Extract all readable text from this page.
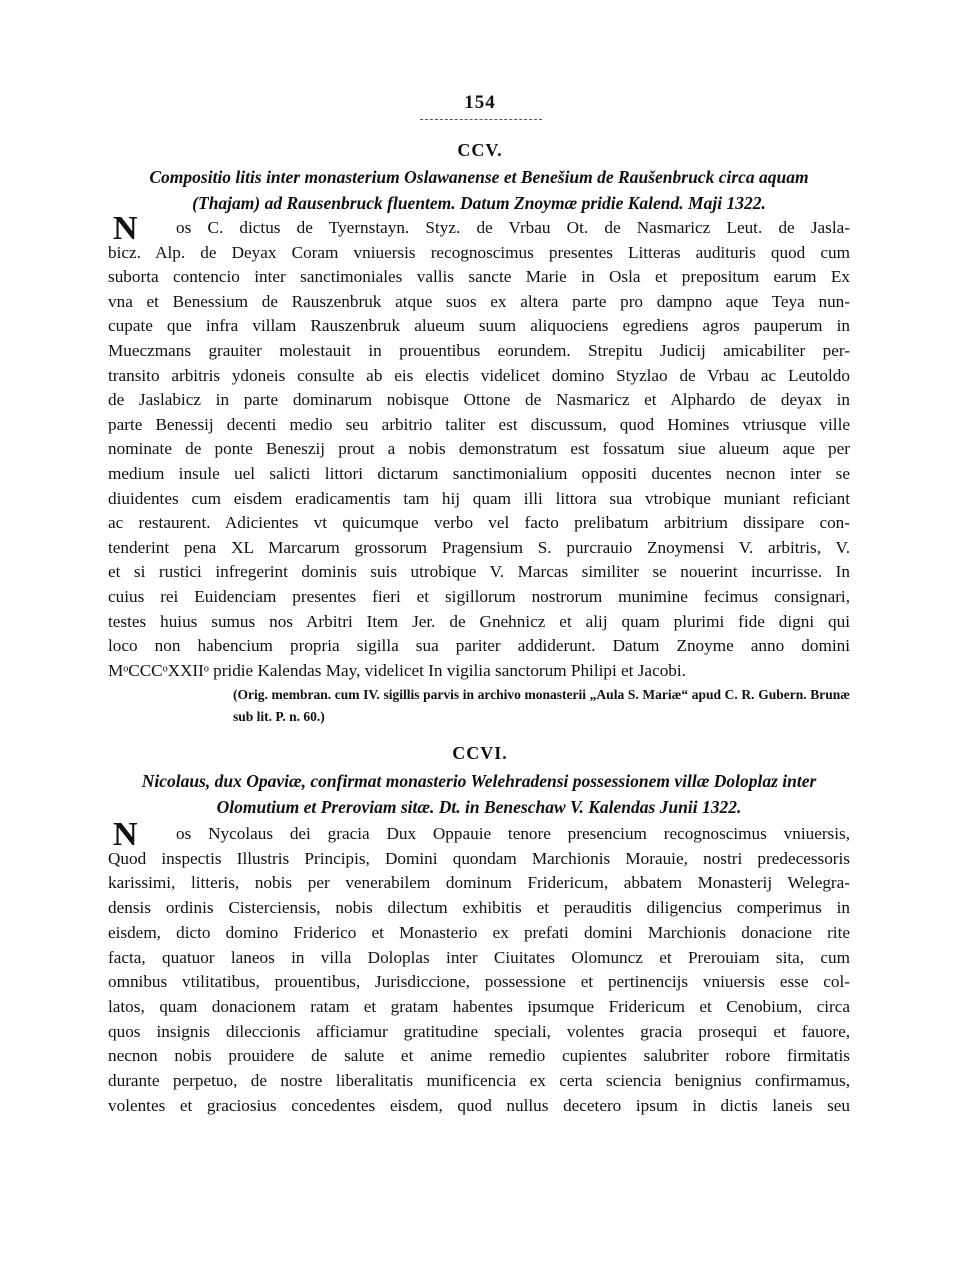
154
CCV.
Compositio litis inter monasterium Oslawanense et Benešium de Raušenbruck circa aquam
(Thajam) ad Rausenbruck fluentem. Datum Znoymæ pridie Kalend. Maji 1322.
N os C. dictus de Tyernstayn. Styz. de Vrbau Ot. de Nasmaricz Leut. de Jasla-
bicz. Alp. de Deyax Coram vniuersis recognoscimus presentes Litteras audituris quod cum
suborta contencio inter sanctimoniales vallis sancte Marie in Osla et prepositum earum Ex
vna et Benessium de Rauszenbruk atque suos ex altera parte pro dampno aque Teya nun-
cupate que infra villam Rauszenbruk alueum suum aliquociens egrediens agros pauperum in
Mueczmans grauiter molestauit in prouentibus eorundem. Strepitu Judicij amicabiliter per-
transito arbitris ydoneis consulte ab eis electis videlicet domino Styzlao de Vrbau ac Leutoldo
de Jaslabicz in parte dominarum nobisque Ottone de Nasmaricz et Alphardo de deyax in
parte Benessij decenti medio seu arbitrio taliter est discussum, quod Homines vtriusque ville
nominate de ponte Beneszij prout a nobis demonstratum est fossatum siue alueum aque per
medium insule uel salicti littori dictarum sanctimonialium oppositi ducentes necnon inter se
diuidentes cum eisdem eradicamentis tam hij quam illi littora sua vtrobique muniant reficiant
ac restaurent. Adicientes vt quicumque verbo vel facto prelibatum arbitrium dissipare con-
tenderint pena XL Marcarum grossorum Pragensium S. purcrauio Znoymensi V. arbitris, V.
et si rustici infregerint dominis suis utrobique V. Marcas similiter se nouerint incurrisse. In
cuius rei Euidenciam presentes fieri et sigillorum nostrorum munimine fecimus consignari,
testes huius sumus nos Arbitri Item Jer. de Gnehnicz et alij quam plurimi fide digni qui
loco non habencium propria sigilla sua pariter addiderunt. Datum Znoyme anno domini
MᵒCCCᵒXXIIᵒ pridie Kalendas May, videlicet In vigilia sanctorum Philipi et Jacobi.
(Orig. membran. cum IV. sigillis parvis in archivo monasterii „Aula S. Mariæ“ apud C. R. Gubern. Brunæ sub lit. P. n. 60.)
CCVI.
Nicolaus, dux Opaviæ, confirmat monasterio Welehradensi possessionem villæ Doloplaz inter
Olomutium et Preroviam sitæ. Dt. in Beneschaw V. Kalendas Junii 1322.
N os Nycolaus dei gracia Dux Oppauie tenore presencium recognoscimus vniuersis,
Quod inspectis Illustris Principis, Domini quondam Marchionis Morauie, nostri predecessoris
karissimi, litteris, nobis per venerabilem dominum Fridericum, abbatem Monasterij Welegra-
densis ordinis Cisterciensis, nobis dilectum exhibitis et perauditis diligencius comperimus in
eisdem, dicto domino Friderico et Monasterio ex prefati domini Marchionis donacione rite
facta, quatuor laneos in villa Doloplas inter Ciuitates Olomuncz et Prerouiam sita, cum
omnibus vtilitatibus, prouentibus, Jurisdiccione, possessione et pertinencijs vniuersis esse col-
latos, quam donacionem ratam et gratam habentes ipsumque Fridericum et Cenobium, circa
quos insignis dileccionis afficiamur gratitudine speciali, volentes gracia prosequi et fauore,
necnon nobis prouidere de salute et anime remedio cupientes salubriter robore firmitatis
durante perpetuo, de nostre liberalitatis munificencia ex certa sciencia benignius confirmamus,
volentes et graciosius concedentes eisdem, quod nullus decetero ipsum in dictis laneis seu
